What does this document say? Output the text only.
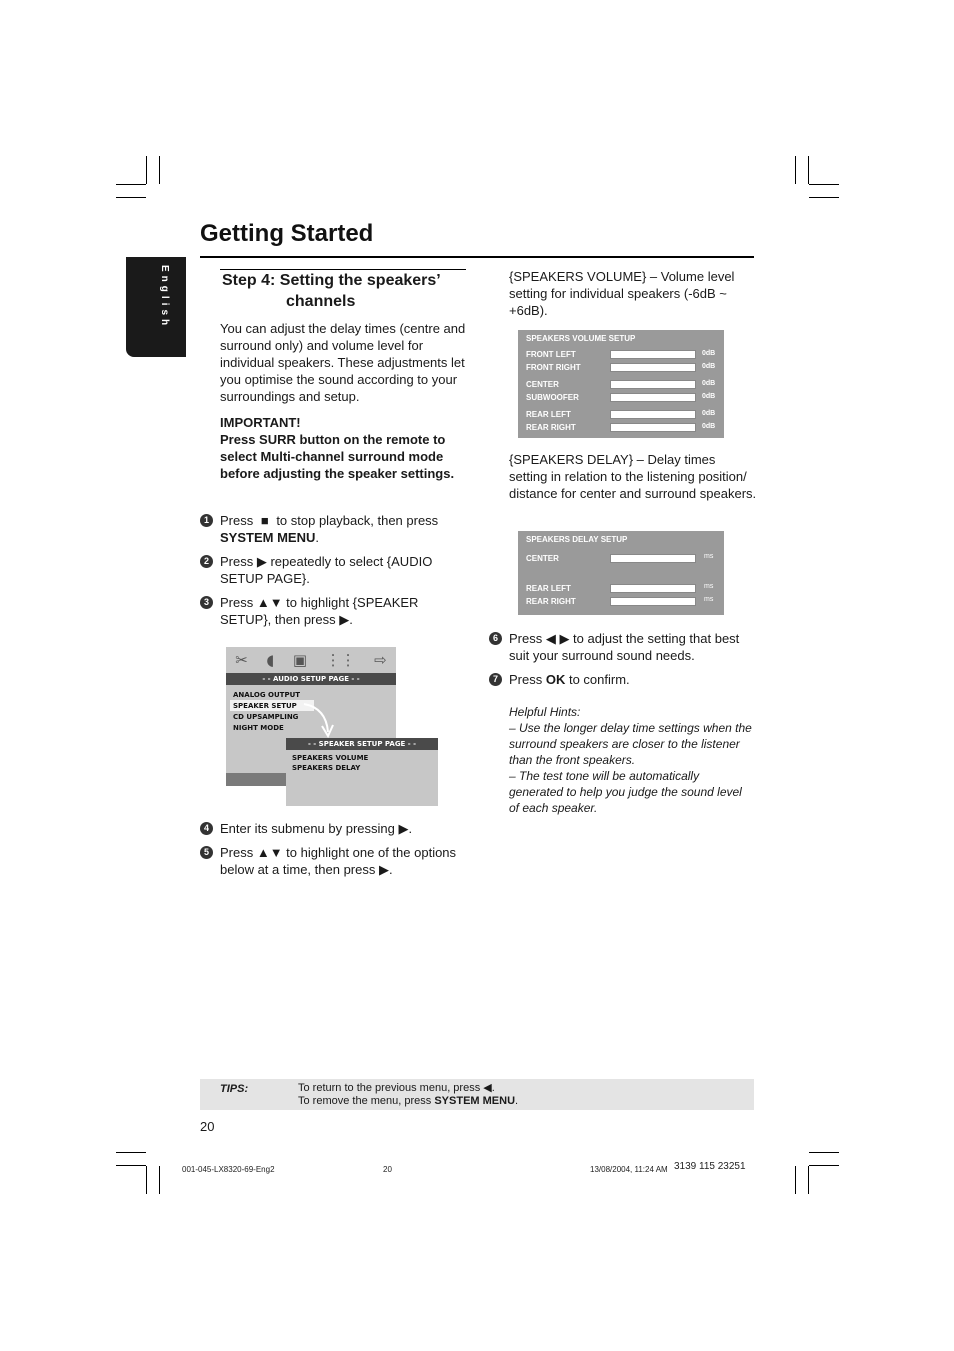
Getting Started
English	Step 4: Setting the speakers’
channels
You can adjust the delay times (centre and surround only) and volume level for individual speakers. These adjustments let you optimise the sound according to your surroundings and setup.
IMPORTANT!
Press SURR button on the remote to select Multi-channel surround mode before adjusting the speaker settings.
1 Press ■ to stop playback, then press SYSTEM MENU.
2 Press ▶ repeatedly to select {AUDIO SETUP PAGE}.
3 Press ▲▼ to highlight {SPEAKER SETUP}, then press ▶.
✂ ◖ ▣ ⋮⋮ ⇨
- - AUDIO SETUP PAGE - -
ANALOG OUTPUT
SPEAKER SETUP
CD UPSAMPLING
NIGHT MODE
- - SPEAKER SETUP PAGE - -
SPEAKERS VOLUME
SPEAKERS DELAY
4 Enter its submenu by pressing ▶.
5 Press ▲▼ to highlight one of the options below at a time, then press ▶.
{SPEAKERS VOLUME} – Volume level setting for individual speakers (-6dB ~ +6dB).
SPEAKERS VOLUME SETUP
FRONT LEFT	0dB
FRONT RIGHT	0dB
CENTER	0dB
SUBWOOFER	0dB
REAR LEFT	0dB
REAR RIGHT	0dB
{SPEAKERS DELAY} – Delay times setting in relation to the listening position/ distance for center and surround speakers.
SPEAKERS DELAY SETUP
CENTER	ms
REAR LEFT	ms
REAR RIGHT	ms
6 Press ◀ ▶ to adjust the setting that best suit your surround sound needs.
7 Press OK to confirm.
Helpful Hints:
– Use the longer delay time settings when the surround speakers are closer to the listener than the front speakers.
– The test tone will be automatically generated to help you judge the sound level of each speaker.
TIPS:	To return to the previous menu, press ◀.
To remove the menu, press SYSTEM MENU.
20
001-045-LX8320-69-Eng2	20	13/08/2004, 11:24 AM 3139 115 23251
